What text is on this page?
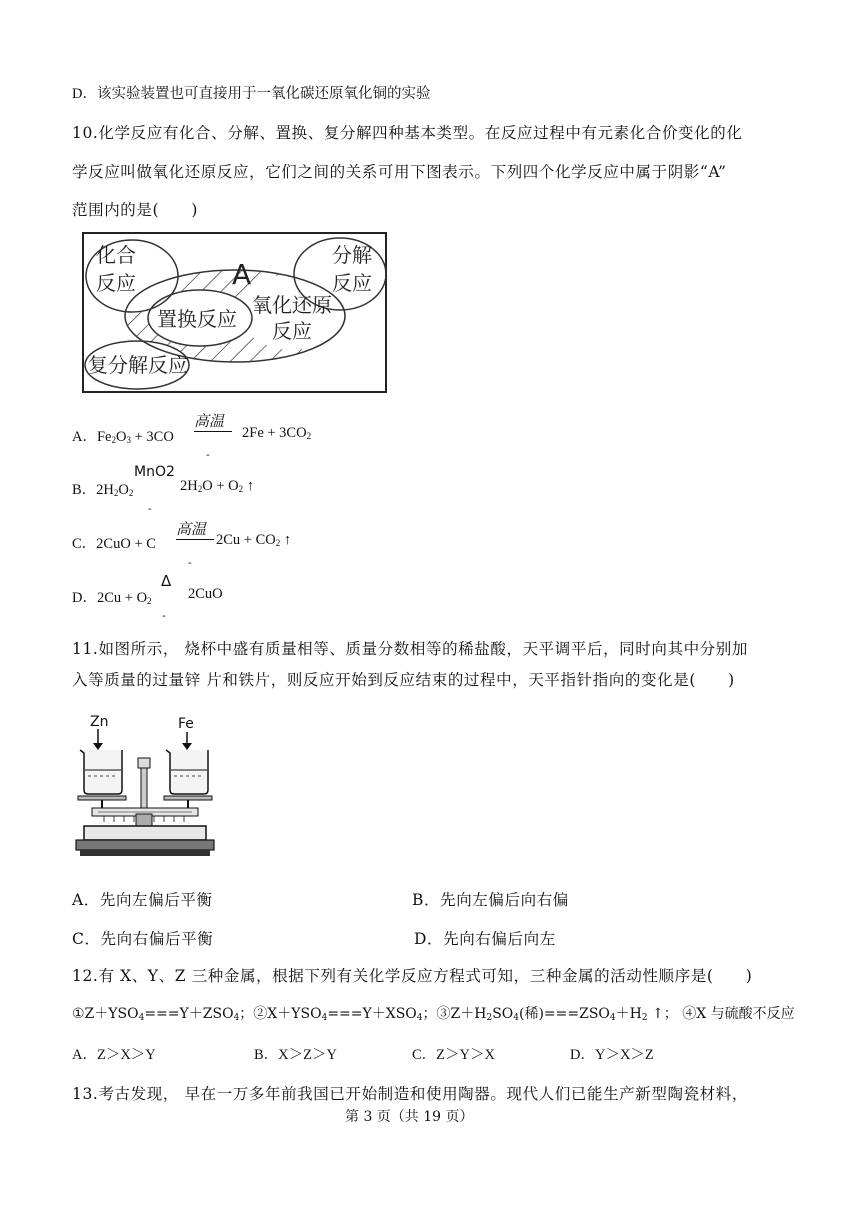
D．该实验装置也可直接用于一氧化碳还原氧化铜的实验
10.化学反应有化合、分解、置换、复分解四种基本类型。在反应过程中有元素化合价变化的化
学反应叫做氧化还原反应，它们之间的关系可用下图表示。下列四个化学反应中属于阴影“A”
范围内的是(　　)
化合
反应
分解
反应
A
置换反应
氧化还原
反应
复分解反应
A．$Fe_2O_3 + 3CO$
高温
$2Fe + 3CO_2$
-
B．$2H_2O_2$
MnO2
$2H_2O + O_2$ ↑
-
C．2CuO + C
高温
$2Cu + CO_2$ ↑
-
D．$2Cu + O_2$
Δ
2CuO
-
11.如图所示， 烧杯中盛有质量相等、质量分数相等的稀盐酸，天平调平后，同时向其中分别加
入等质量的过量锌 片和铁片，则反应开始到反应结束的过程中，天平指针指向的变化是(　　)
Zn	Fe
A．先向左偏后平衡	B．先向左偏后向右偏
C．先向右偏后平衡	D．先向右偏后向左
12.有 X、Y、Z 三种金属，根据下列有关化学反应方程式可知，三种金属的活动性顺序是(　　)
$①Z+YSO_4===Y+ZSO_4$；$②X+YSO_4===Y+XSO_4$；$③Z+H_2SO_4$(稀)$===ZSO_4+H_2$ ↑； ④X 与硫酸不反应
A．Z＞X＞Y	B．X＞Z＞Y	C．Z＞Y＞X	D．Y＞X＞Z
13.考古发现， 早在一万多年前我国已开始制造和使用陶器。现代人们已能生产新型陶瓷材料，
第 3 页（共 19 页）
